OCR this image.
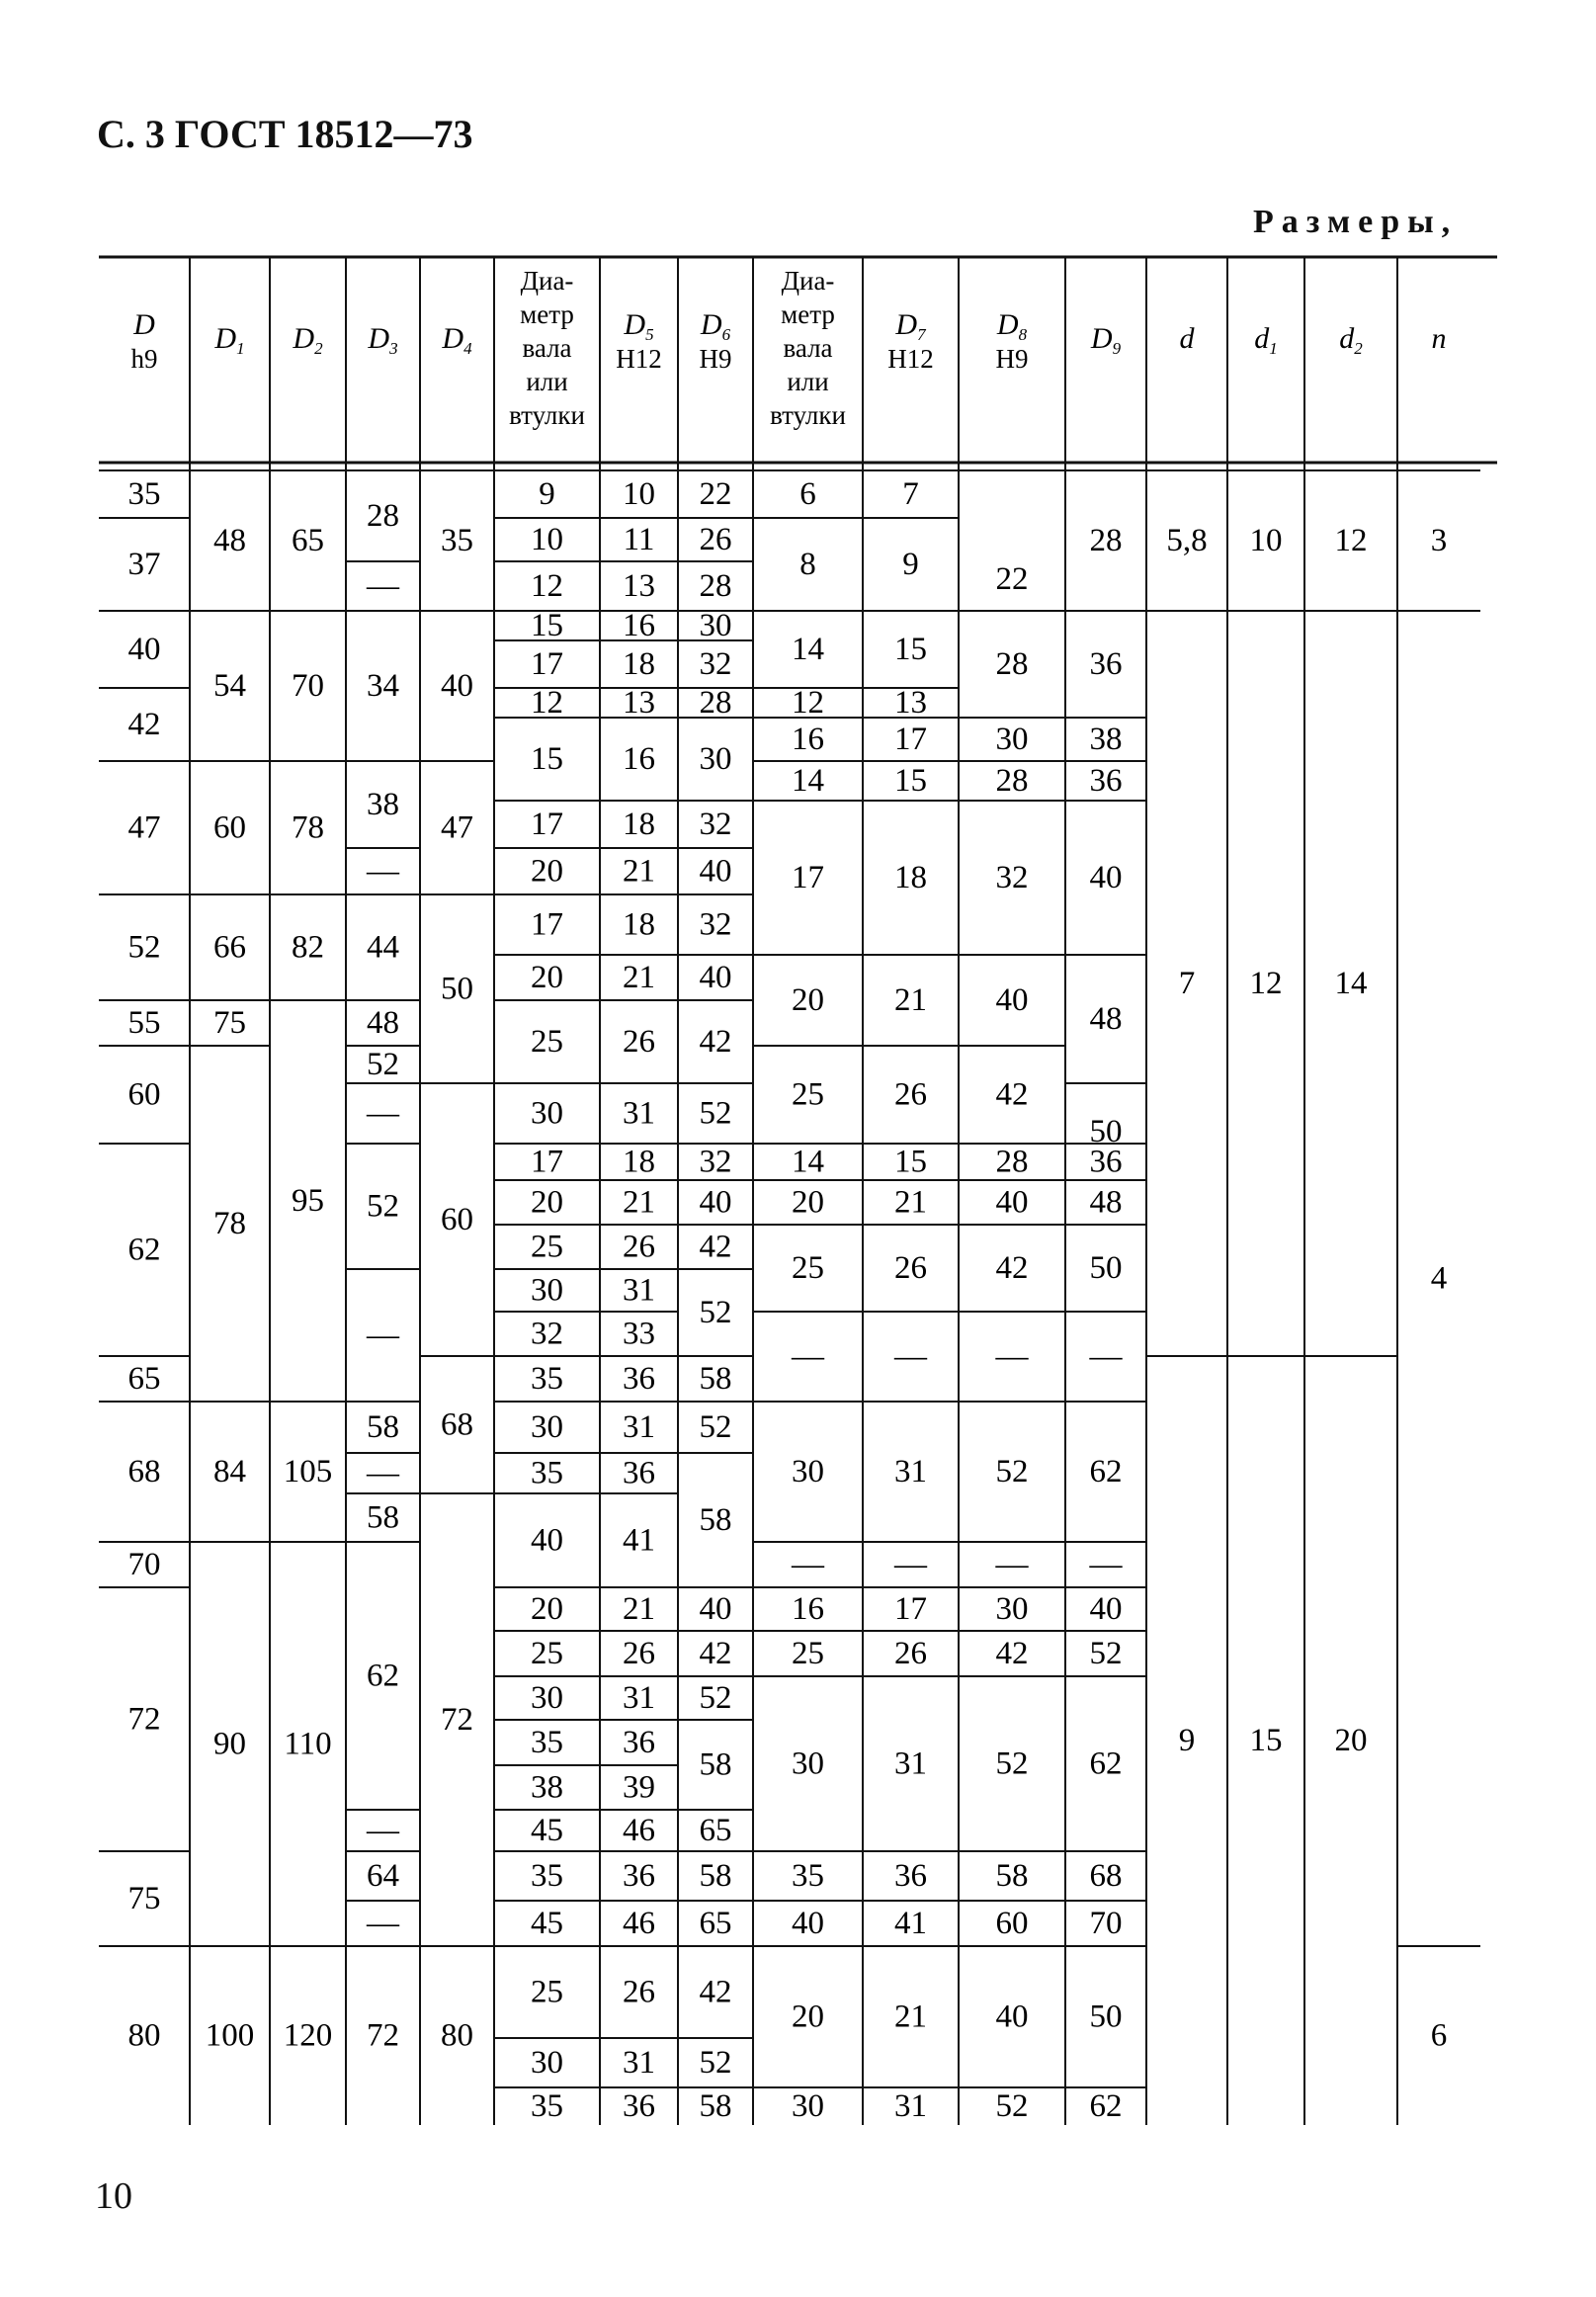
С. 3 ГОСТ 18512—73
Размеры,
10
35
37
40
42
47
52
55
60
62
65
68
70
72
75
80
48
54
60
66
75
78
84
90
100
65
70
78
82
95
105
110
120
28
—
34
38
—
44
48
52
—
52
—
58
—
58
62
—
64
—
72
35
40
47
50
60
68
72
80
9
10
12
15
17
12
15
17
20
17
20
25
30
17
20
25
30
32
35
30
35
40
20
25
30
35
38
45
35
45
25
30
35
10
11
13
16
18
13
16
18
21
18
21
26
31
18
21
26
31
33
36
31
36
41
21
26
31
36
39
46
36
46
26
31
36
22
26
28
30
32
28
30
32
40
32
40
42
52
32
40
42
52
58
52
58
40
42
52
58
65
58
65
42
52
58
6
8
14
12
16
14
17
20
25
14
20
25
—
30
—
16
25
30
35
40
20
30
7
9
15
13
17
15
18
21
26
15
21
26
—
31
—
17
26
31
36
41
21
31
22
28
30
28
32
40
42
28
40
42
—
52
—
30
42
52
58
60
40
52
28
36
38
36
40
48
50
36
48
50
—
62
—
40
52
62
68
70
50
62
5,8
7
9
10
12
15
12
14
20
3
4
6
D
h9
$D_1$ $D_2$ $D_3$ $D_4$
Диа-
метр
вала
или
втулки
$D_5$
H12
$D_6$
H9
Диа-
метр
вала
или
втулки
$D_7$
H12
$D_8$
H9
$D_9$ d $d_1$ $d_2$ n
